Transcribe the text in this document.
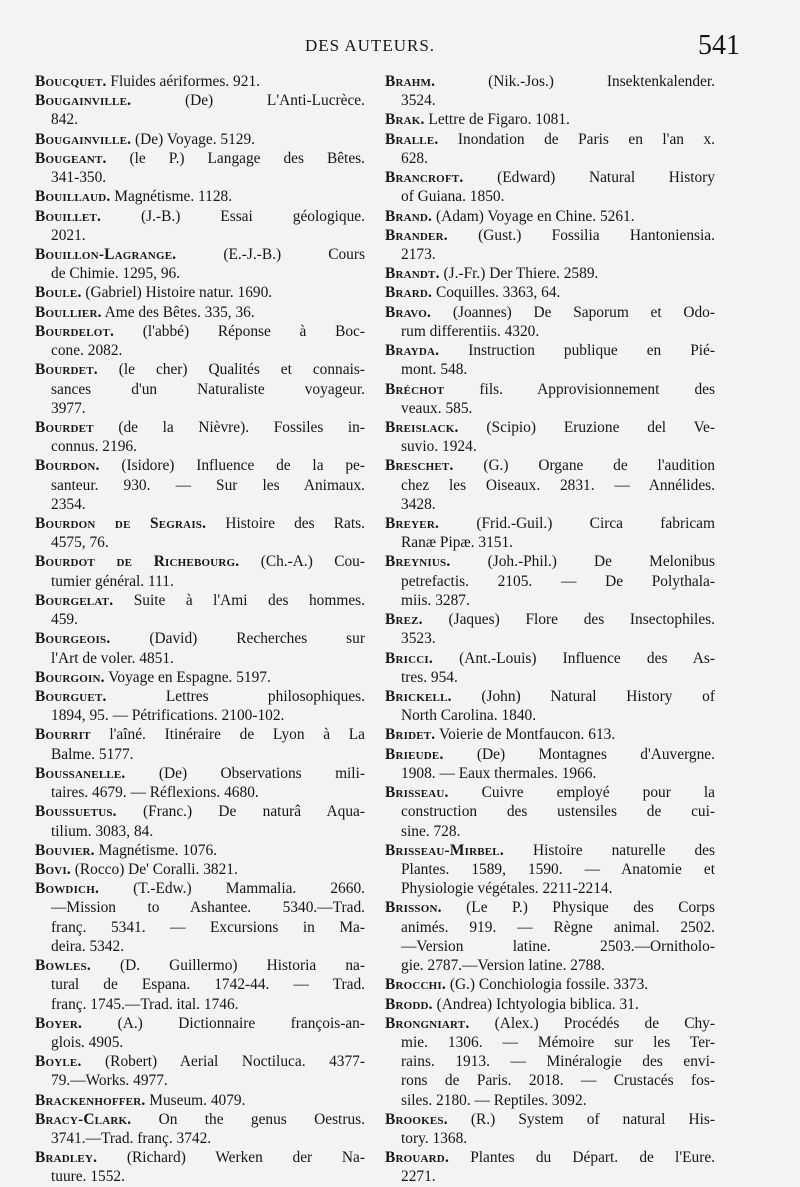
DES AUTEURS.	541
Boucquet. Fluides aériformes. 921.
Bougainville.	(De) L'Anti-Lucrèce.
842.
Bougainville. (De) Voyage. 5129.
Bougeant. (le P.) Langage des Bêtes.
341-350.
Bouillaud. Magnétisme. 1128.
Bouillet.	(J.-B.) Essai géologique.
2021.
Bouillon-Lagrange.	(E.-J.-B.) Cours
de Chimie. 1295, 96.
Boule. (Gabriel) Histoire natur. 1690.
Boullier. Ame des Bêtes. 335, 36.
Bourdelot. (l'abbé) Réponse à Boc-
cone. 2082.
Bourdet. (le cher) Qualités et connais-
sances d'un Naturaliste voyageur.
3977.
Bourdet (de la Nièvre). Fossiles in-
connus. 2196.
Bourdon. (Isidore) Influence de la pe-
santeur. 930. — Sur les Animaux.
2354.
Bourdon de Segrais. Histoire des Rats.
4575, 76.
Bourdot de Richebourg. (Ch.-A.) Cou-
tumier général. 111.
Bourgelat. Suite à l'Ami des hommes.
459.
Bourgeois.	(David) Recherches sur
l'Art de voler. 4851.
Bourgoin. Voyage en Espagne. 5197.
Bourguet.	Lettres philosophiques.
1894, 95. — Pétrifications. 2100-102.
Bourrit l'aîné. Itinéraire de Lyon à La
Balme. 5177.
Boussanelle. (De) Observations mili-
taires. 4679. — Réflexions. 4680.
Boussuetus. (Franc.) De naturâ Aqua-
tilium. 3083, 84.
Bouvier. Magnétisme. 1076.
Bovi. (Rocco) De' Coralli. 3821.
Bowdich. (T.-Edw.) Mammalia. 2660.
—Mission to Ashantee. 5340.—Trad.
franç. 5341. — Excursions in Ma-
deira. 5342.
Bowles. (D. Guillermo) Historia na-
tural de Espana. 1742-44. — Trad.
franç. 1745.—Trad. ital. 1746.
Boyer. (A.) Dictionnaire françois-an-
glois. 4905.
Boyle. (Robert) Aerial Noctiluca. 4377-
79.—Works. 4977.
Brackenhoffer. Museum. 4079.
Bracy-Clark. On the genus Oestrus.
3741.—Trad. franç. 3742.
Bradley. (Richard) Werken der Na-
tuure. 1552.
Brahm.	(Nik.-Jos.) Insektenkalender.
3524.
Brak. Lettre de Figaro. 1081.
Bralle. Inondation de Paris en l'an x.
628.
Brancroft. (Edward) Natural History
of Guiana. 1850.
Brand. (Adam) Voyage en Chine. 5261.
Brander. (Gust.) Fossilia Hantoniensia.
2173.
Brandt. (J.-Fr.) Der Thiere. 2589.
Brard. Coquilles. 3363, 64.
Bravo. (Joannes) De Saporum et Odo-
rum differentiis. 4320.
Brayda. Instruction publique en Pié-
mont. 548.
Bréchot fils. Approvisionnement des
veaux. 585.
Breislack. (Scipio) Eruzione del Ve-
suvio. 1924.
Breschet. (G.) Organe de l'audition
chez les Oiseaux. 2831. — Annélides.
3428.
Breyer. (Frid.-Guil.) Circa fabricam
Ranæ Pipæ. 3151.
Breynius. (Joh.-Phil.) De Melonibus
petrefactis. 2105. — De Polythala-
miis. 3287.
Brez. (Jaques) Flore des Insectophiles.
3523.
Bricci. (Ant.-Louis) Influence des As-
tres. 954.
Brickell. (John) Natural History of
North Carolina. 1840.
Bridet. Voierie de Montfaucon. 613.
Brieude. (De) Montagnes d'Auvergne.
1908. — Eaux thermales. 1966.
Brisseau. Cuivre employé pour la
construction des ustensiles de cui-
sine. 728.
Brisseau-Mirbel. Histoire naturelle des
Plantes. 1589, 1590. — Anatomie et
Physiologie végétales. 2211-2214.
Brisson. (Le P.) Physique des Corps
animés. 919. — Règne animal. 2502.
—Version latine. 2503.—Ornitholo-
gie. 2787.—Version latine. 2788.
Brocchi. (G.) Conchiologia fossile. 3373.
Brodd. (Andrea) Ichtyologia biblica. 31.
Brongniart. (Alex.) Procédés de Chy-
mie. 1306. — Mémoire sur les Ter-
rains. 1913. — Minéralogie des envi-
rons de Paris. 2018. — Crustacés fos-
siles. 2180. — Reptiles. 3092.
Brookes. (R.) System of natural His-
tory. 1368.
Brouard. Plantes du Départ. de l'Eure.
2271.
